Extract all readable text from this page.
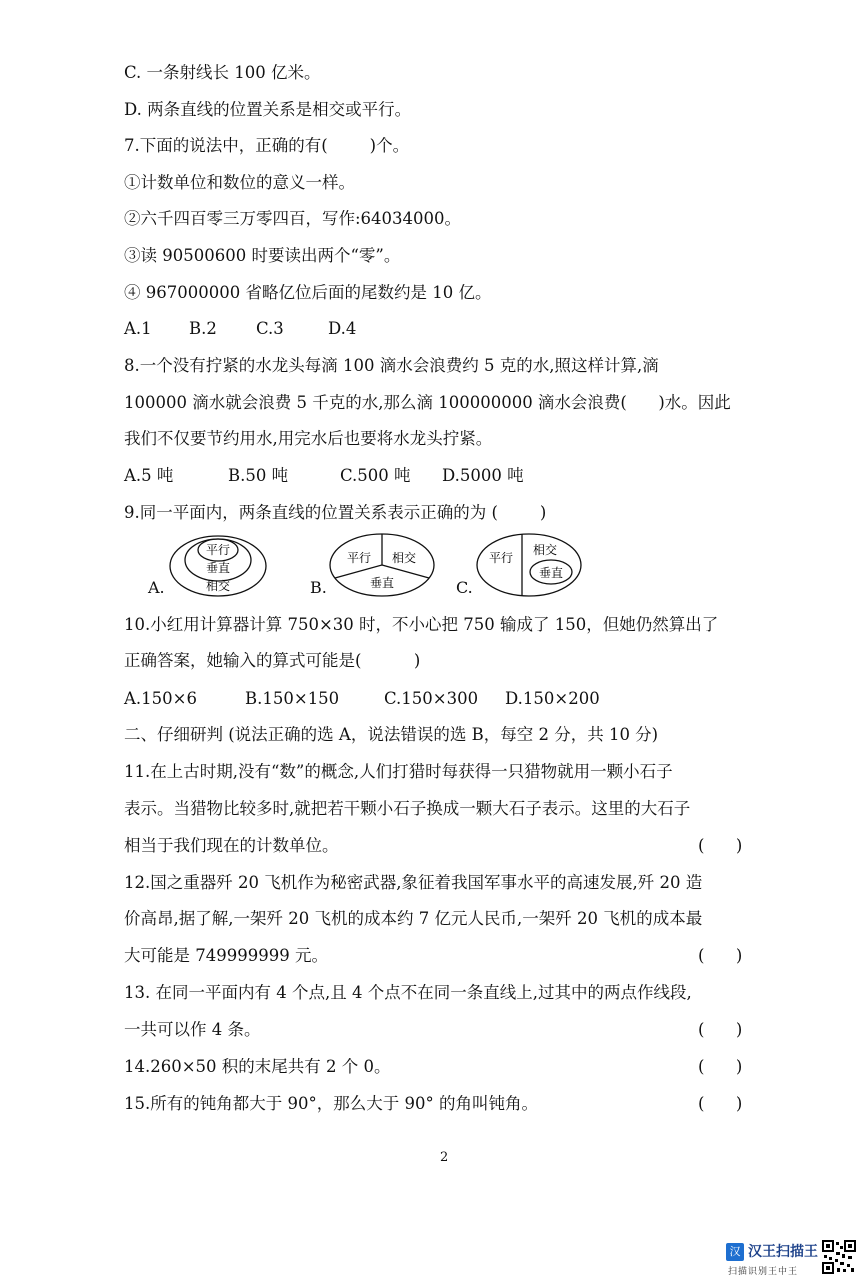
C. 一条射线长 100 亿米。
D. 两条直线的位置关系是相交或平行。
7.下面的说法中，正确的有(        )个。
①计数单位和数位的意义一样。
②六千四百零三万零四百，写作:64034000。
③读 90500600 时要读出两个“零”。
④ 967000000 省略亿位后面的尾数约是 10 亿。
A.1 B.2 C.3	D.4
8.一个没有拧紧的水龙头每滴 100 滴水会浪费约 5 克的水,照这样计算,滴
100000 滴水就会浪费 5 千克的水,那么滴 100000000 滴水会浪费(      )水。因此
我们不仅要节约用水,用完水后也要将水龙头拧紧。
A.5 吨	B.50 吨	C.500 吨 D.5000 吨
9.同一平面内，两条直线的位置关系表示正确的为 (        )
A.
平行
垂直
相交	B.
平行 相交
垂直	C.
平行
相交
垂直
10.小红用计算器计算 750×30 时，不小心把 750 输成了 150，但她仍然算出了
正确答案，她输入的算式可能是(          )
A.150×6	B.150×150	C.150×300 D.150×200
二、仔细研判 (说法正确的选 A，说法错误的选 B，每空 2 分，共 10 分)
11.在上古时期,没有“数”的概念,人们打猎时每获得一只猎物就用一颗小石子
表示。当猎物比较多时,就把若干颗小石子换成一颗大石子表示。这里的大石子
相当于我们现在的计数单位。	(      )
12.国之重器歼 20 飞机作为秘密武器,象征着我国军事水平的高速发展,歼 20 造
价高昂,据了解,一架歼 20 飞机的成本约 7 亿元人民币,一架歼 20 飞机的成本最
大可能是 749999999 元。	(      )
13. 在同一平面内有 4 个点,且 4 个点不在同一条直线上,过其中的两点作线段,
一共可以作 4 条。	(      )
14.260×50 积的末尾共有 2 个 0。	(      )
15.所有的钝角都大于 90°，那么大于 90° 的角叫钝角。	(      )
2
汉 汉王扫描王
扫描识别王中王
